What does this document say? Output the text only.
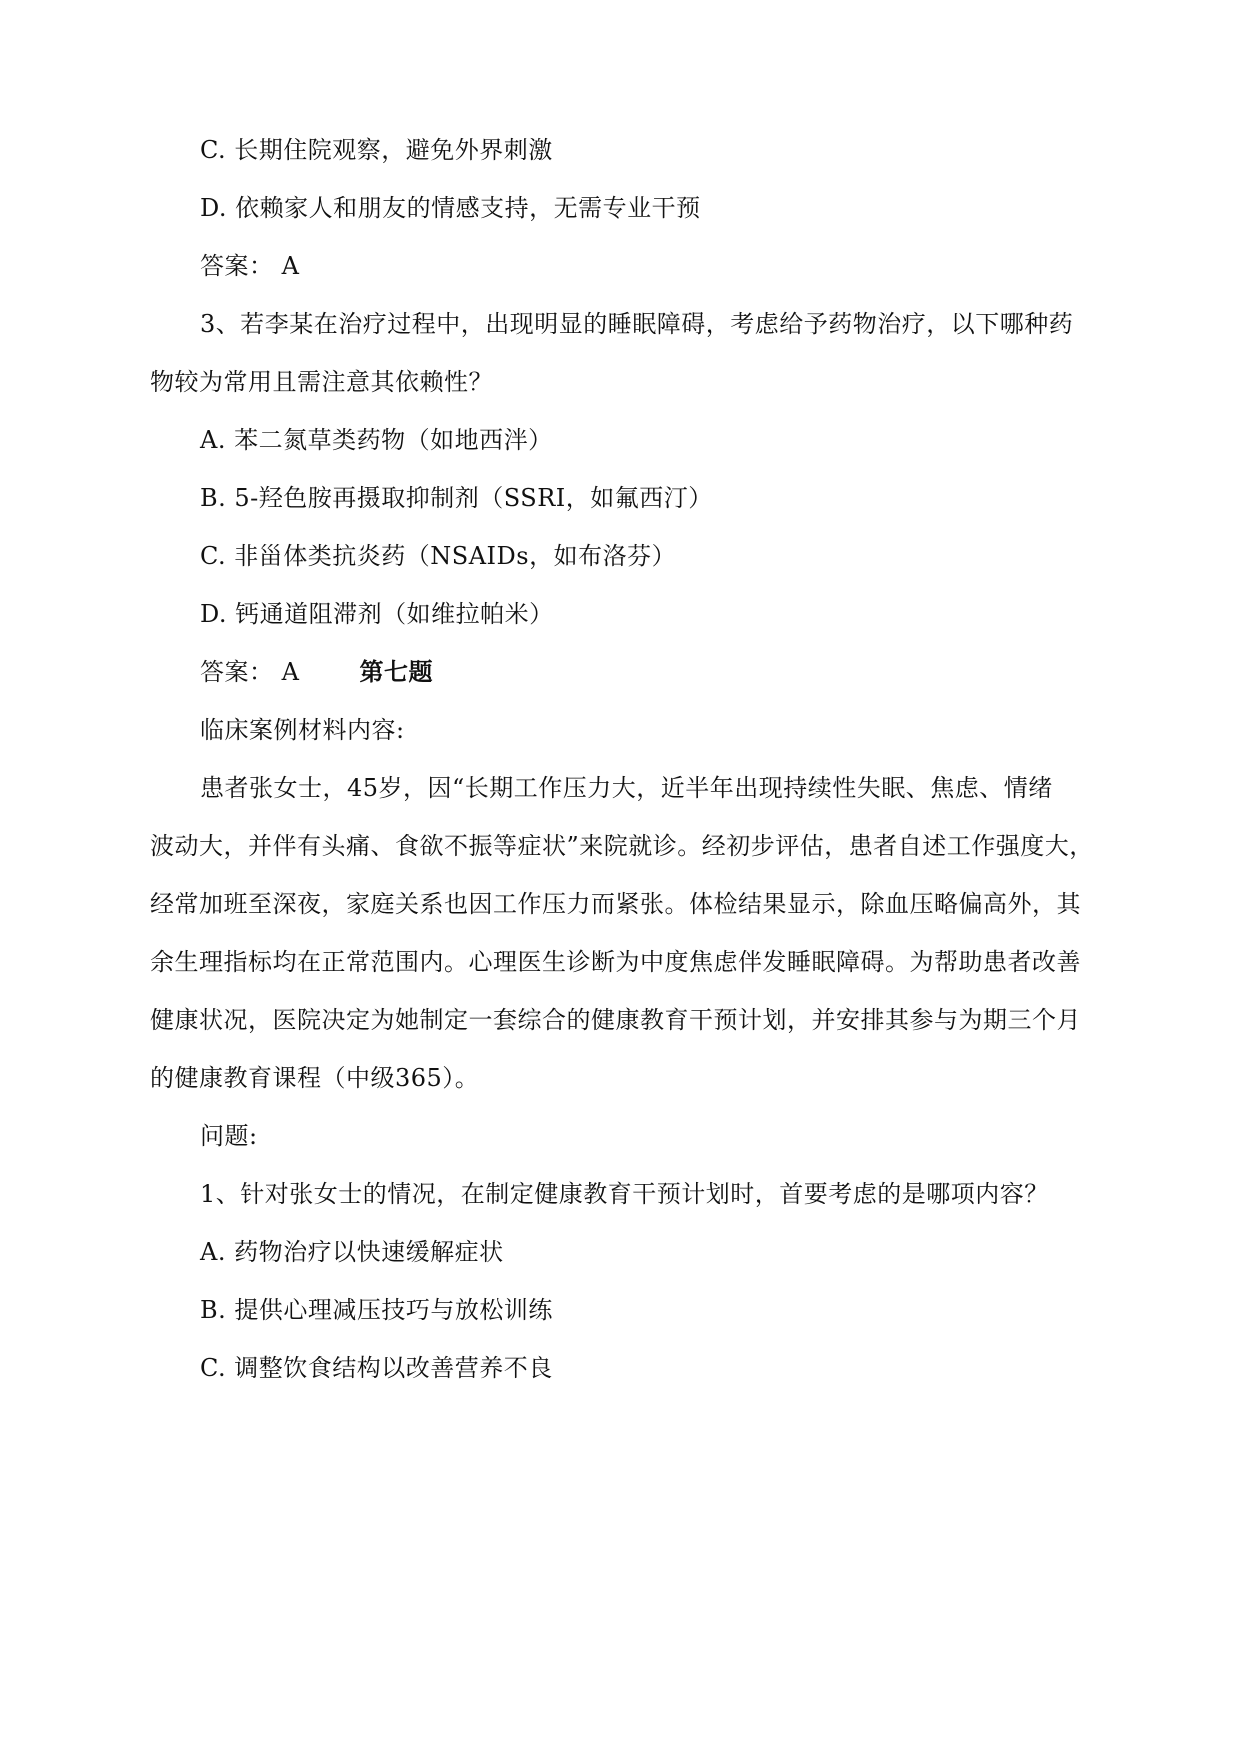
C. 长期住院观察，避免外界刺激
D. 依赖家人和朋友的情感支持，无需专业干预
答案： A
3、若李某在治疗过程中，出现明显的睡眠障碍，考虑给予药物治疗，以下哪种药
物较为常用且需注意其依赖性？
A. 苯二氮草类药物（如地西泮）
B. 5-羟色胺再摄取抑制剂（SSRI，如氟西汀）
C. 非甾体类抗炎药（NSAIDs，如布洛芬）
D. 钙通道阻滞剂（如维拉帕米）
答案： A	第七题
临床案例材料内容:
患者张女士，45岁，因“长期工作压力大，近半年出现持续性失眠、焦虑、情绪
波动大，并伴有头痛、食欲不振等症状”来院就诊。经初步评估，患者自述工作强度大，
经常加班至深夜，家庭关系也因工作压力而紧张。体检结果显示，除血压略偏高外，其
余生理指标均在正常范围内。心理医生诊断为中度焦虑伴发睡眠障碍。为帮助患者改善
健康状况，医院决定为她制定一套综合的健康教育干预计划，并安排其参与为期三个月
的健康教育课程（中级365）。
问题:
1、针对张女士的情况，在制定健康教育干预计划时，首要考虑的是哪项内容？
A. 药物治疗以快速缓解症状
B. 提供心理减压技巧与放松训练
C. 调整饮食结构以改善营养不良
